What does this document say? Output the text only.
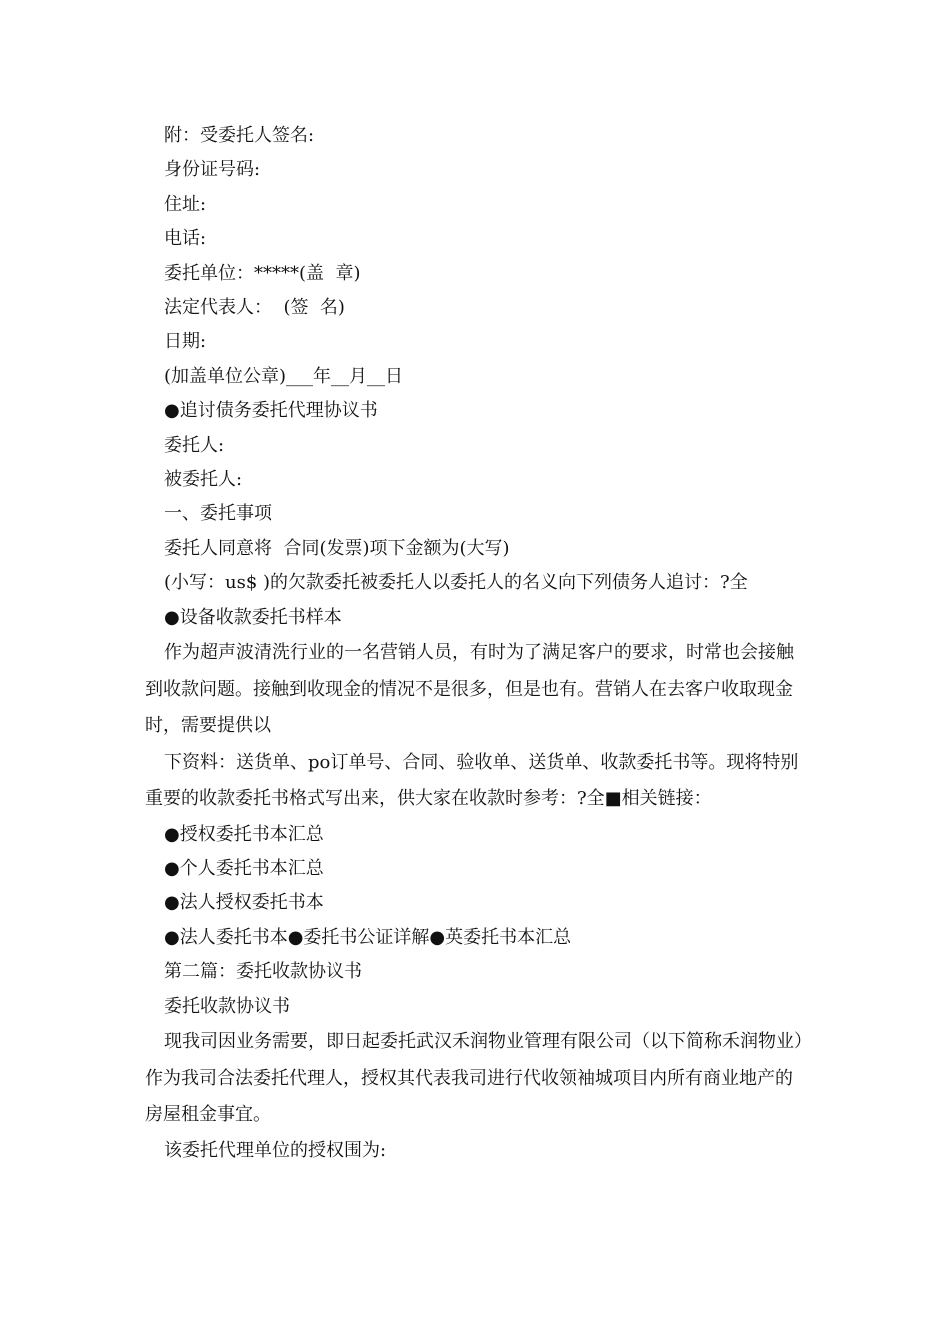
附：受委托人签名:

身份证号码:

住址:

电话:

委托单位：*****(盖  章)

法定代表人：  (签  名)

日期:

(加盖单位公章)___年__月__日

●追讨债务委托代理协议书

委托人:

被委托人:

一、委托事项

委托人同意将  合同(发票)项下金额为(大写)

(小写：us$ )的欠款委托被委托人以委托人的名义向下列债务人追讨：?全

●设备收款委托书样本

作为超声波清洗行业的一名营销人员，有时为了满足客户的要求，时常也会接触到收款问题。接触到收现金的情况不是很多，但是也有。营销人在去客户收取现金时，需要提供以

下资料：送货单、po订单号、合同、验收单、送货单、收款委托书等。现将特别重要的收款委托书格式写出来，供大家在收款时参考：?全■相关链接：

●授权委托书本汇总

●个人委托书本汇总

●法人授权委托书本

●法人委托书本●委托书公证详解●英委托书本汇总

第二篇：委托收款协议书

委托收款协议书

现我司因业务需要，即日起委托武汉禾润物业管理有限公司（以下简称禾润物业）作为我司合法委托代理人，授权其代表我司进行代收领袖城项目内所有商业地产的房屋租金事宜。

该委托代理单位的授权围为:
